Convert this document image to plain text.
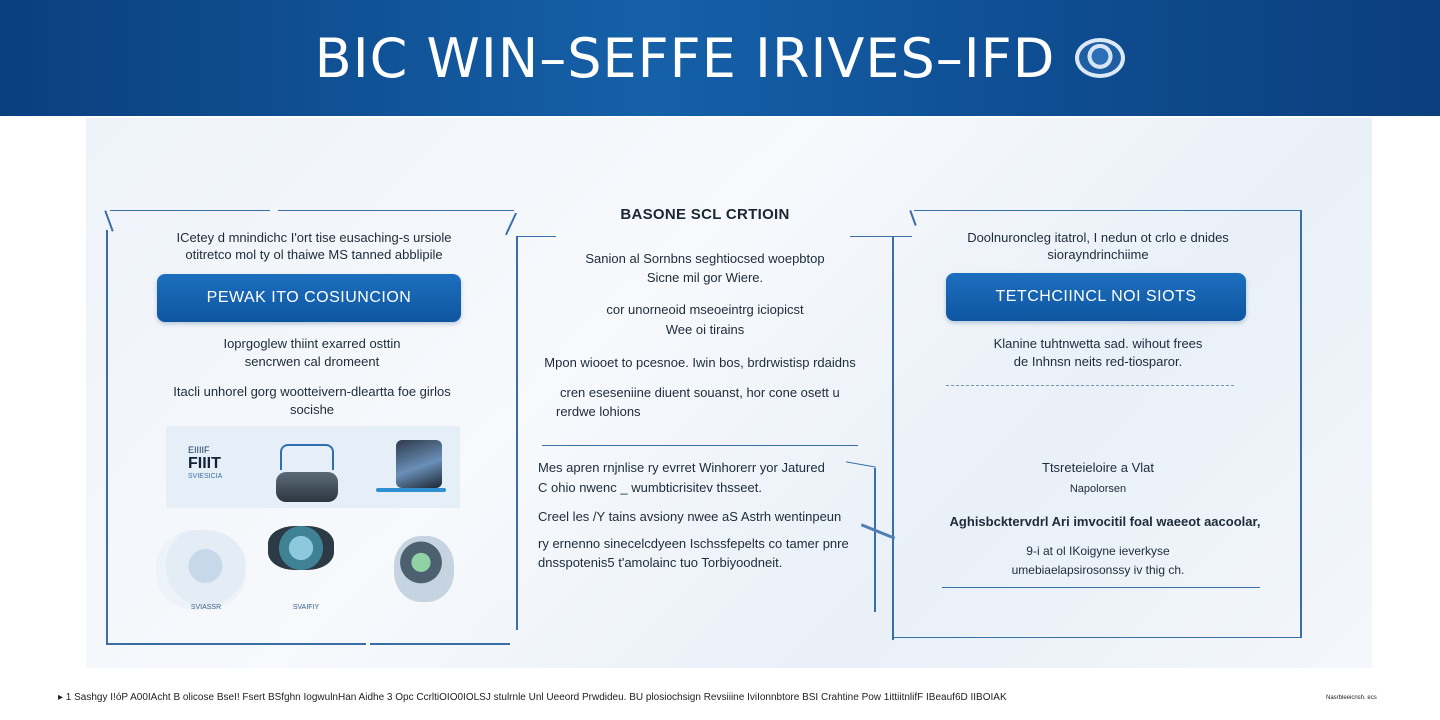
BIC WIN–SEFFE IRIVES–IFD
ICetey d mnindichc I'ort tise eusaching-s ursiole
otitretco mol ty ol thaiwe MS tanned abblipile
PEWAK ITO COSIUNCION
Ioprgoglew thiint exarred osttin
sencrwen cal dromeent
Itacli unhorel gorg wootteivern-dleartta foe girlos
socishe
EIIIIF
FIIIT
SVIESICIA
SVIASSR	SVAIFIY
BASONE SCL CRTIOIN
Sanion al Sornbns seghtiocsed woepbtop
Sicne mil gor Wiere.
cor unorneoid mseoeintrg iciopicst
Wee oi tirains
Mpon wiooet to pcesnoe. Iwin bos, brdrwistisp rdaidns
cren eseseniine diuent souanst, hor cone osett u
rerdwe lohions
Mes apren rnjnlise ry evrret Winhorerr yor Jatured
C ohio nwenc _ wumbticrisitev thsseet.
Creel les /Y tains avsiony nwee aS Astrh wentinpeun
ry ernenno sinecelcdyeen Ischssfepelts co tamer pnre
dnsspotenis5 t'amolainc tuo Torbiyoodneit.
Doolnuroncleg itatrol, I nedun ot crlo e dnides
siorayndrinchiime
TETCHCIINCL NOI SIOTS
Klanine tuhtnwetta sad. wihout frees
de Inhnsn neits red-tiosparor.
Ttsreteieloire a Vlat
Napolorsen
Aghisbcktervdrl Ari imvocitil foal waeeot aacoolar,
9-i at ol IKoigyne ieverkyse
umebiaelapsirosonssy iv thig ch.
▸ 1 Sashgy I!óP A00IAcht B olicose BseI! Fsert BSfghn IogwulnHan Aidhe 3 Opc CcrltiOIO0IOLSJ stulrnle Unl Ueeord Prwdideu. BU plosiochsign Revsiiine IviIonnbtore BSI Crahtine Pow 1ittiitnlifF IBeauf6D IIBOIAK	Nasrbleeicnsh. ecs
